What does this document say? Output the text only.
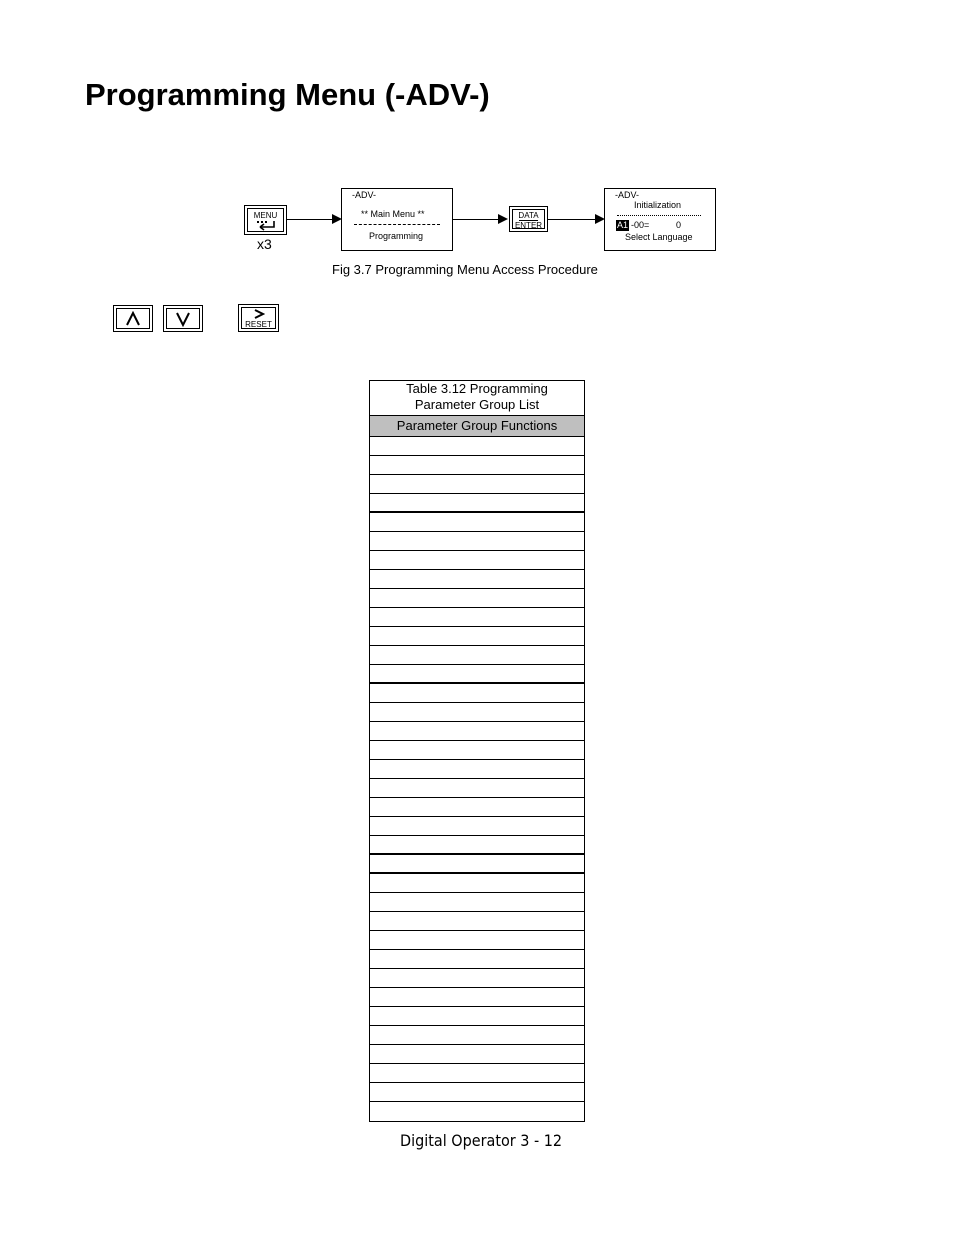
Programming Menu (-ADV-)
MENU
x3
-ADV-
** Main Menu **
Programming
DATA
ENTER
-ADV-
Initialization
A1 -00=	0
Select Language
Fig 3.7 Programming Menu Access Procedure
RESET
Table 3.12 Programming
Parameter Group List
Parameter Group Functions
Digital Operator 3 - 12
